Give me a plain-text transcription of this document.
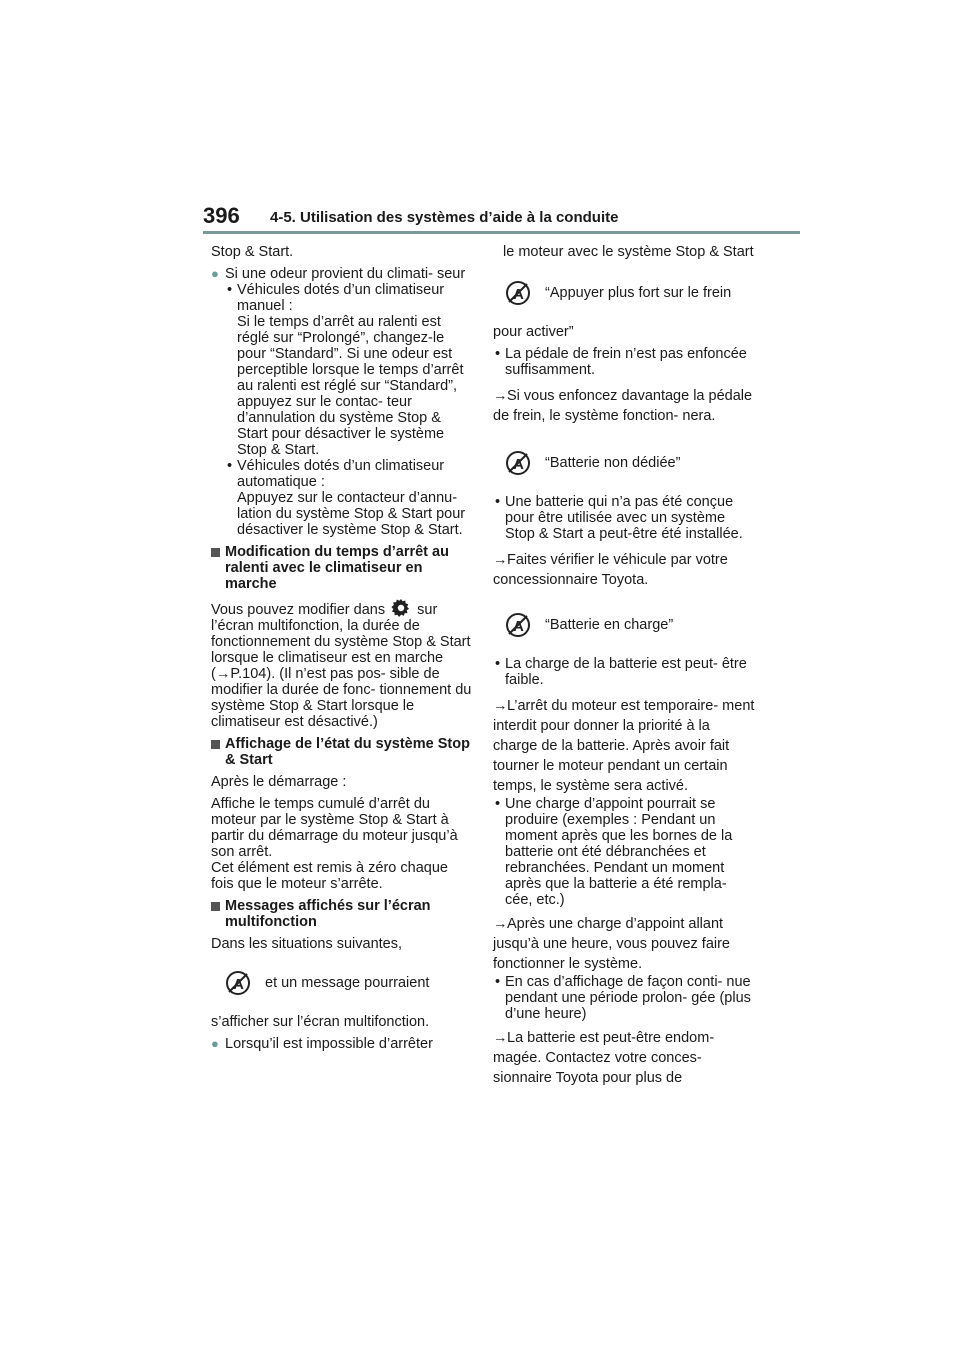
396 4-5. Utilisation des systèmes d’aide à la conduite

Stop & Start.

● Si une odeur provient du climati- seur
• Véhicules dotés d’un climatiseur manuel :
Si le temps d’arrêt au ralenti est réglé sur “Prolongé”, changez-le pour “Standard”. Si une odeur est perceptible lorsque le temps d’arrêt au ralenti est réglé sur “Standard”, appuyez sur le contac- teur d’annulation du système Stop & Start pour désactiver le système Stop & Start.
• Véhicules dotés d’un climatiseur automatique :
Appuyez sur le contacteur d’annu- lation du système Stop & Start pour désactiver le système Stop & Start.
Modification du temps d’arrêt au ralenti avec le climatiseur en marche

Vous pouvez modifier dans sur l’écran multifonction, la durée de fonctionnement du système Stop & Start lorsque le climatiseur est en marche (→P.104). (Il n’est pas pos- sible de modifier la durée de fonc- tionnement du système Stop & Start lorsque le climatiseur est désactivé.)

Affichage de l’état du système Stop & Start

Après le démarrage :

Affiche le temps cumulé d’arrêt du moteur par le système Stop & Start à partir du démarrage du moteur jusqu’à son arrêt.

Cet élément est remis à zéro chaque fois que le moteur s’arrête.

Messages affichés sur l’écran multifonction

Dans les situations suivantes,

A et un message pourraient

s’afficher sur l’écran multifonction.

● Lorsqu’il est impossible d’arrêter

le moteur avec le système Stop & Start

A “Appuyer plus fort sur le frein

pour activer”

• La pédale de frein n’est pas enfoncée suffisamment.

→Si vous enfoncez davantage la pédale de frein, le système fonction- nera.

A “Batterie non dédiée”
• Une batterie qui n’a pas été conçue pour être utilisée avec un système Stop & Start a peut-être été installée.

→Faites vérifier le véhicule par votre concessionnaire Toyota.

A “Batterie en charge”
• La charge de la batterie est peut- être faible.

→L’arrêt du moteur est temporaire- ment interdit pour donner la priorité à la charge de la batterie. Après avoir fait tourner le moteur pendant un certain temps, le système sera activé.

• Une charge d’appoint pourrait se produire (exemples : Pendant un moment après que les bornes de la batterie ont été débranchées et rebranchées. Pendant un moment après que la batterie a été rempla- cée, etc.)

→Après une charge d’appoint allant jusqu’à une heure, vous pouvez faire fonctionner le système.

• En cas d’affichage de façon conti- nue pendant une période prolon- gée (plus d’une heure)

→La batterie est peut-être endom- magée. Contactez votre conces- sionnaire Toyota pour plus de
